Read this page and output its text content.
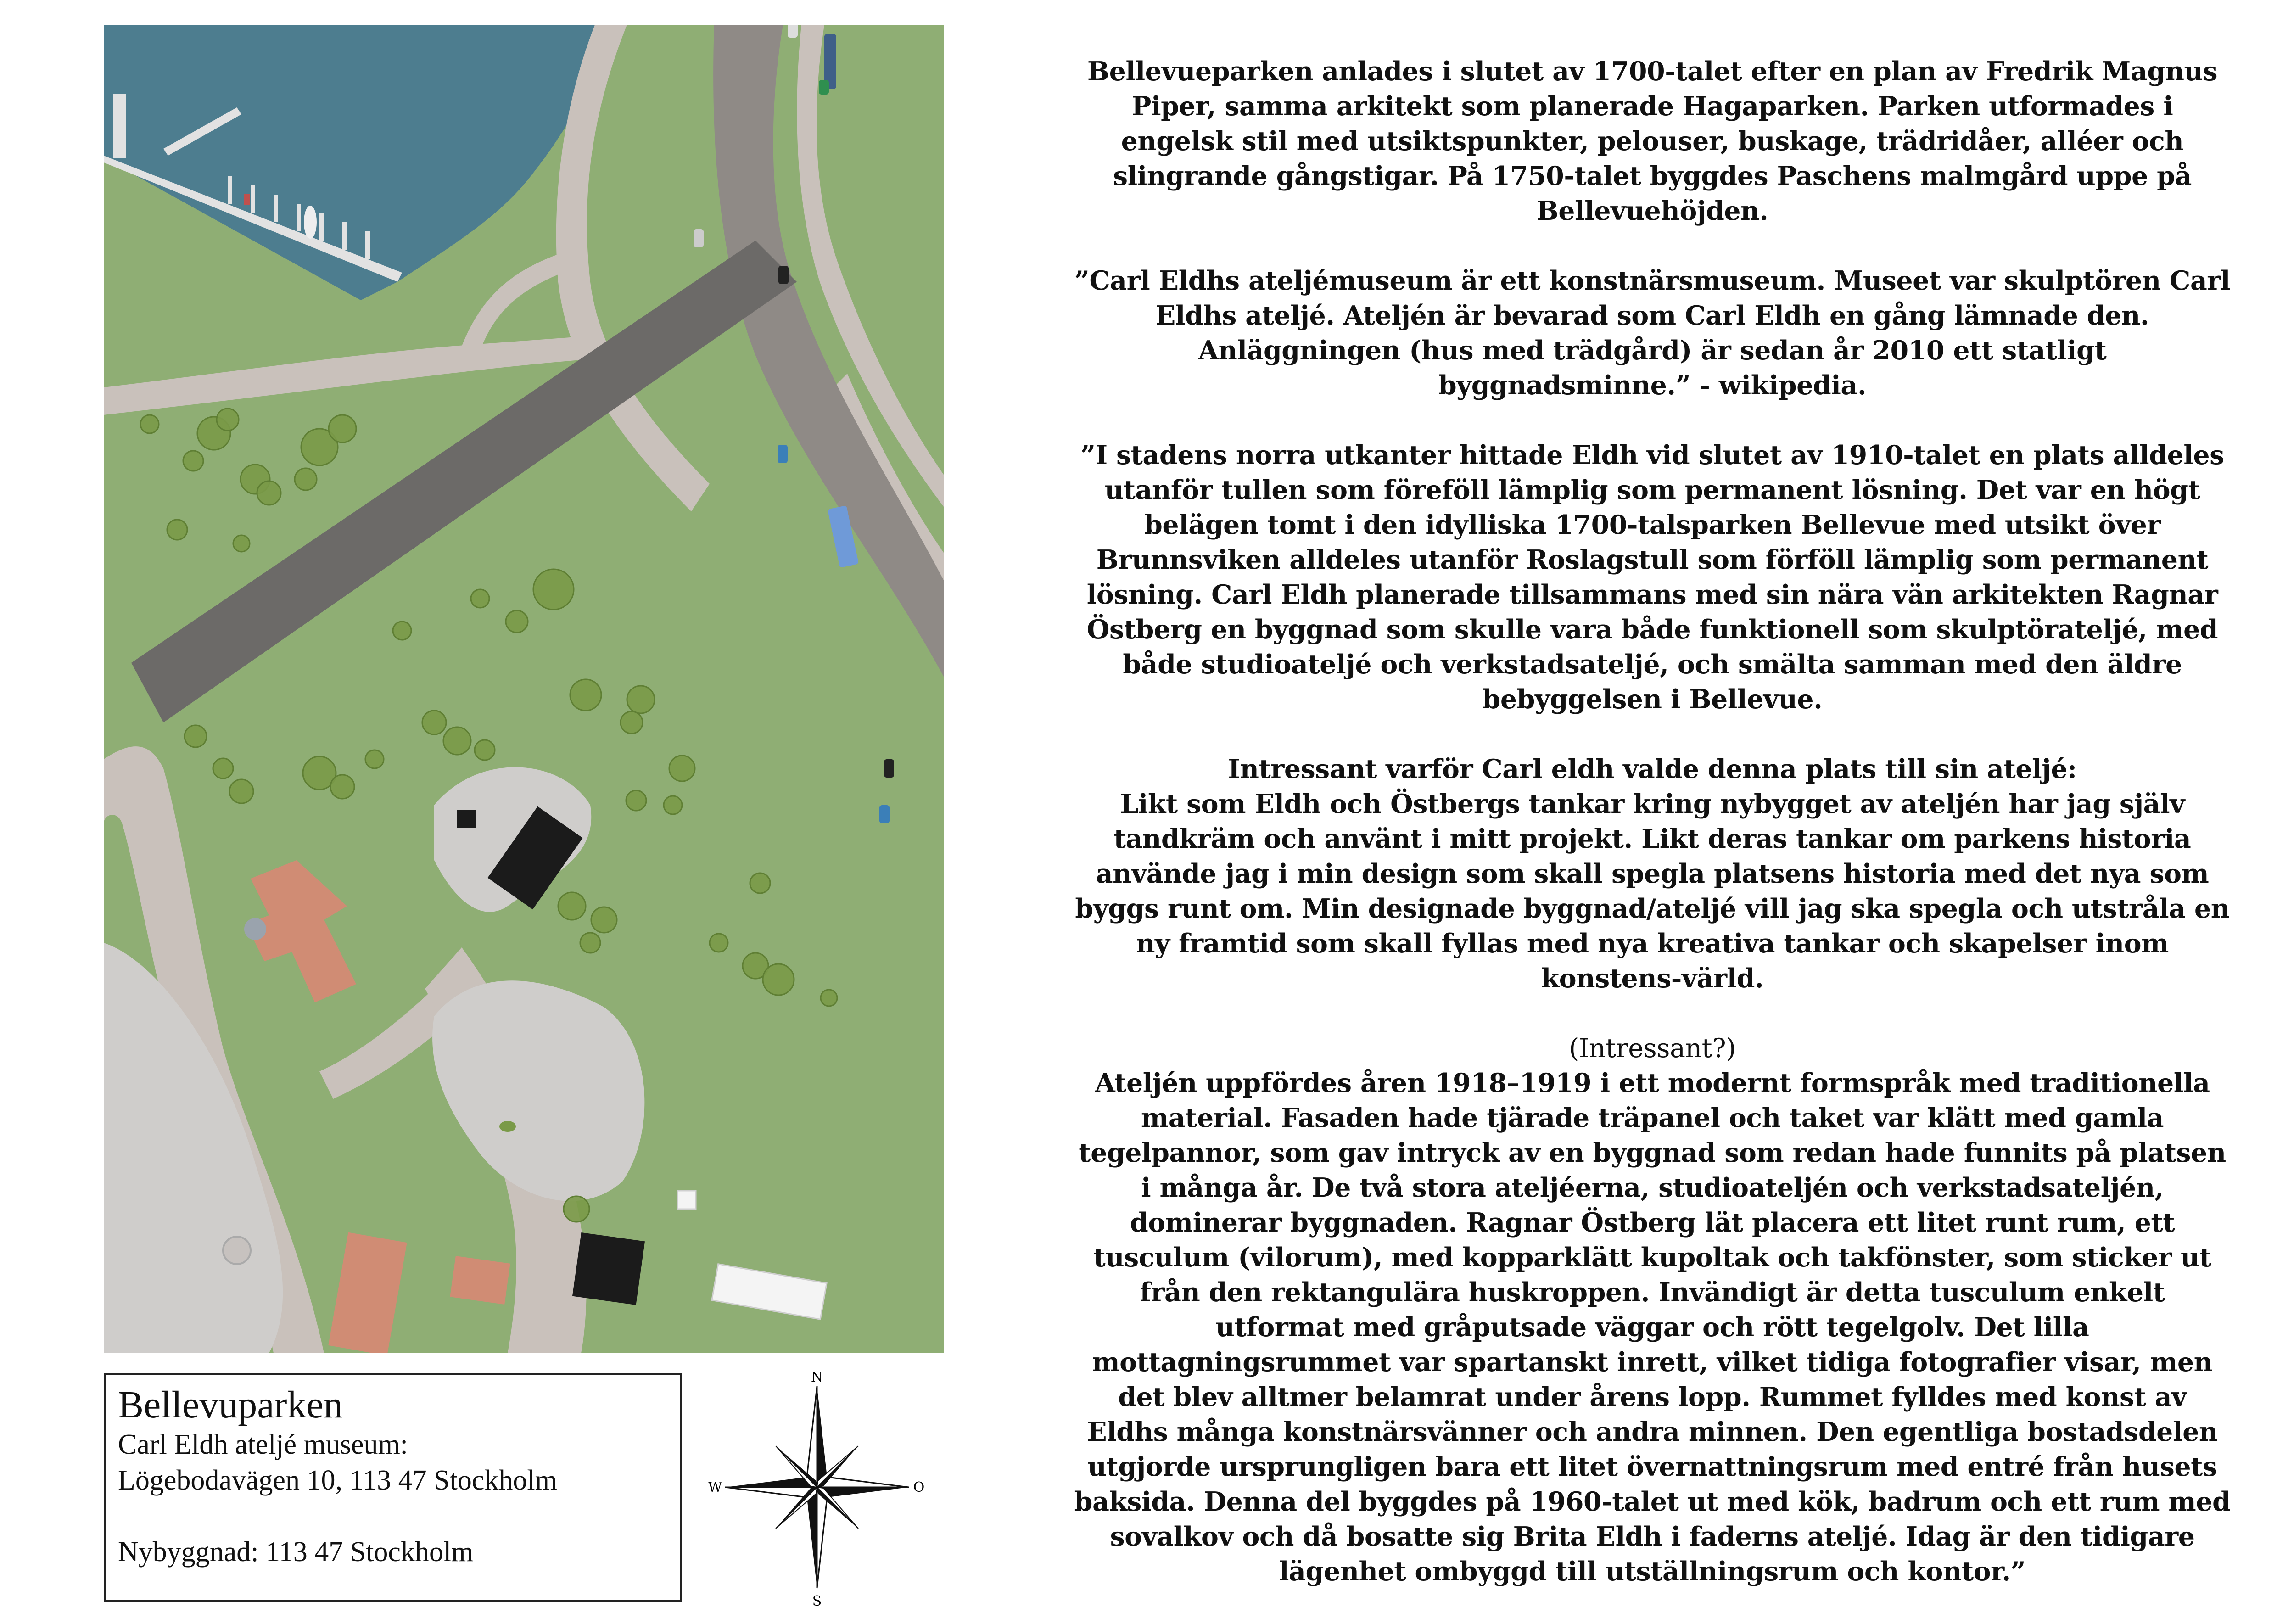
Bellevuparken

Carl Eldh ateljé museum:

Lögebodavägen 10, 113 47 Stockholm

Nybyggnad: 113 47 Stockholm

N
S
W	O

Bellevueparken anlades i slutet av 1700-talet efter en plan av Fredrik Magnus Piper, samma arkitekt som planerade Hagaparken. Parken utformades i engelsk stil med utsiktspunkter, pelouser, buskage, trädridåer, alléer och slingrande gångstigar. På 1750-talet byggdes Paschens malmgård uppe på Bellevuehöjden.

”Carl Eldhs ateljémuseum är ett konstnärsmuseum. Museet var skulptören Carl Eldhs ateljé. Ateljén är bevarad som Carl Eldh en gång lämnade den. Anläggningen (hus med trädgård) är sedan år 2010 ett statligt byggnadsminne.” - wikipedia.

”I stadens norra utkanter hittade Eldh vid slutet av 1910-talet en plats alldeles utanför tullen som föreföll lämplig som permanent lösning. Det var en högt belägen tomt i den idylliska 1700-talsparken Bellevue med utsikt över Brunnsviken alldeles utanför Roslagstull som förföll lämplig som permanent lösning. Carl Eldh planerade tillsammans med sin nära vän arkitekten Ragnar Östberg en byggnad som skulle vara både funktionell som skulptörateljé, med både studioateljé och verkstadsateljé, och smälta samman med den äldre bebyggelsen i Bellevue.

Intressant varför Carl eldh valde denna plats till sin ateljé:

Likt som Eldh och Östbergs tankar kring nybygget av ateljén har jag själv tandkräm och använt i mitt projekt. Likt deras tankar om parkens historia använde jag i min design som skall spegla platsens historia med det nya som byggs runt om. Min designade byggnad/ateljé vill jag ska spegla och utstråla en ny framtid som skall fyllas med nya kreativa tankar och skapelser inom konstens-värld.

(Intressant?)

Ateljén uppfördes åren 1918–1919 i ett modernt formspråk med traditionella material. Fasaden hade tjärade träpanel och taket var klätt med gamla tegelpannor, som gav intryck av en byggnad som redan hade funnits på platsen i många år. De två stora ateljéerna, studioateljén och verkstadsateljén, dominerar byggnaden. Ragnar Östberg lät placera ett litet runt rum, ett tusculum (vilorum), med kopparklätt kupoltak och takfönster, som sticker ut från den rektangulära huskroppen. Invändigt är detta tusculum enkelt utformat med gråputsade väggar och rött tegelgolv. Det lilla mottagningsrummet var spartanskt inrett, vilket tidiga fotografier visar, men det blev alltmer belamrat under årens lopp. Rummet fylldes med konst av Eldhs många konstnärsvänner och andra minnen. Den egentliga bostadsdelen utgjorde ursprungligen bara ett litet övernattningsrum med entré från husets baksida. Denna del byggdes på 1960-talet ut med kök, badrum och ett rum med sovalkov och då bosatte sig Brita Eldh i faderns ateljé. Idag är den tidigare lägenhet ombyggd till utställningsrum och kontor.”
